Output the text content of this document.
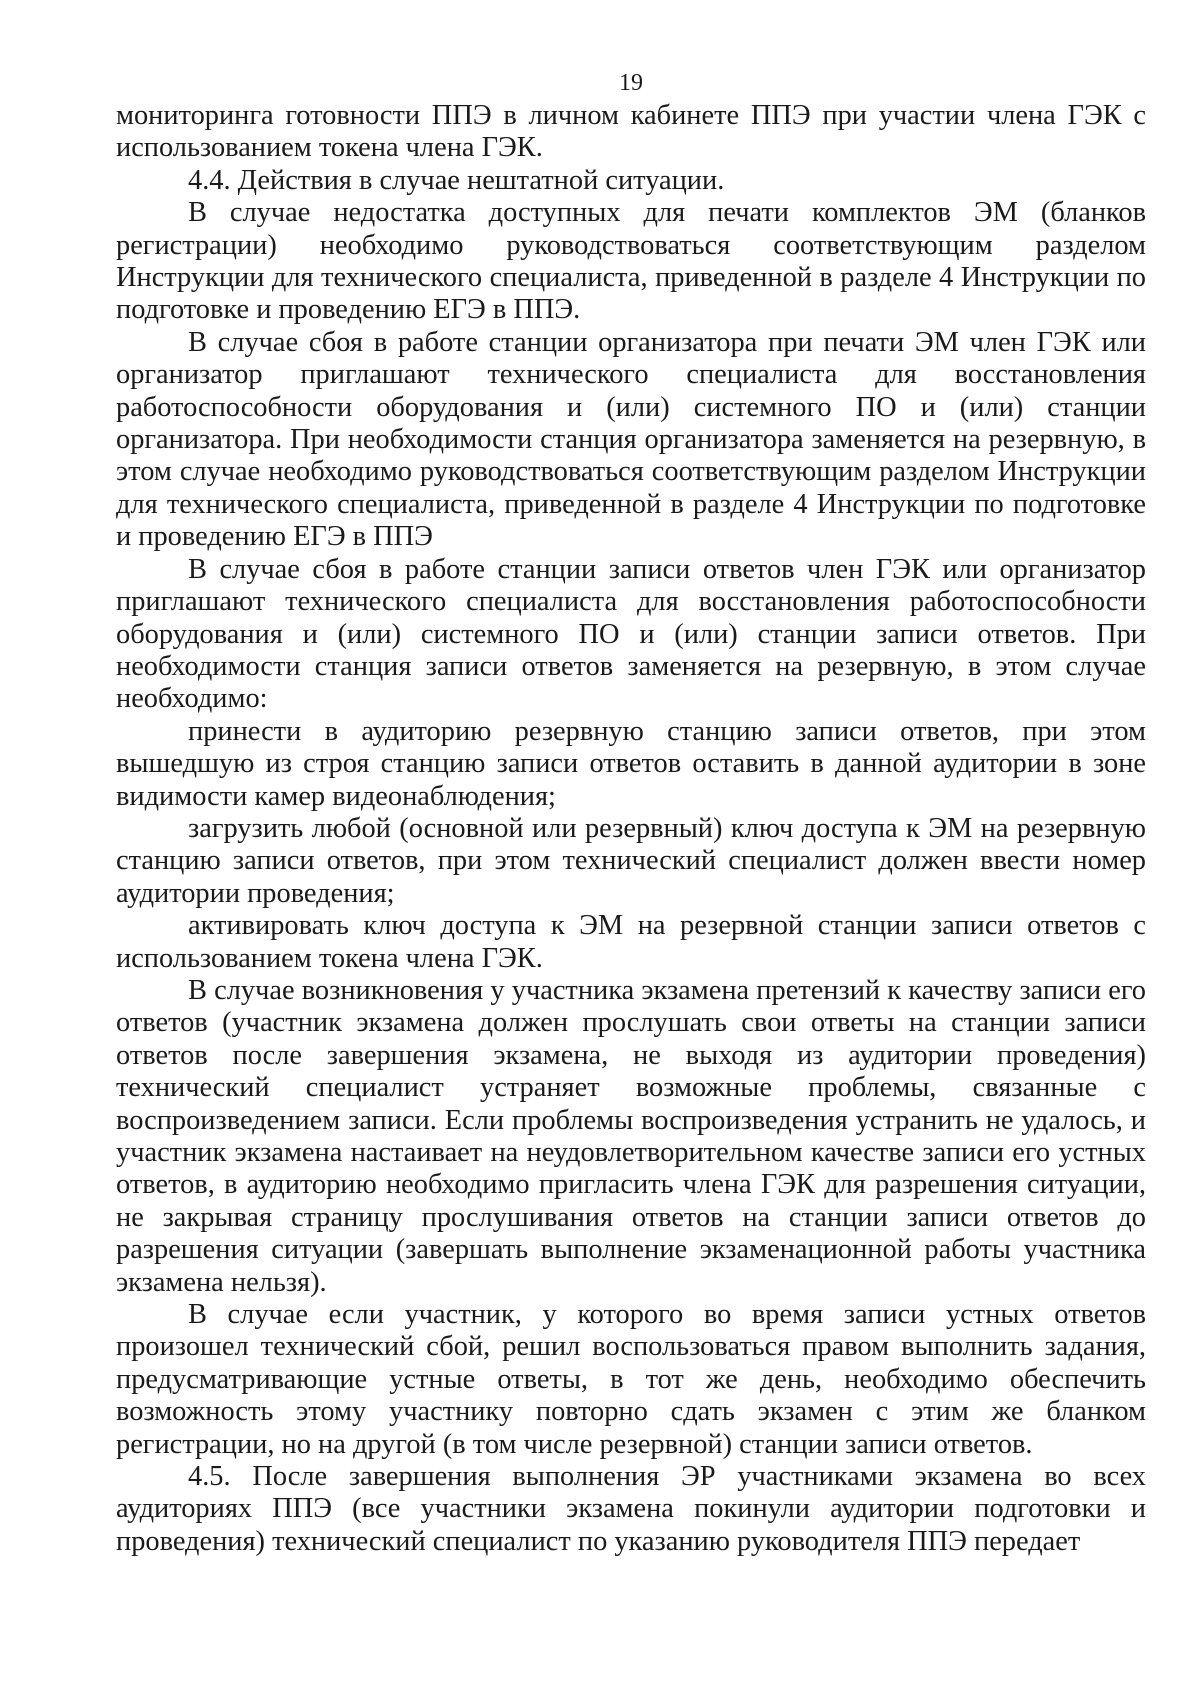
19

мониторинга готовности ППЭ в личном кабинете ППЭ при участии члена ГЭК с использованием токена члена ГЭК.

4.4. Действия в случае нештатной ситуации.

В случае недостатка доступных для печати комплектов ЭМ (бланков регистрации) необходимо руководствоваться соответствующим разделом Инструкции для технического специалиста, приведенной в разделе 4 Инструкции по подготовке и проведению ЕГЭ в ППЭ.

В случае сбоя в работе станции организатора при печати ЭМ член ГЭК или организатор приглашают технического специалиста для восстановления работоспособности оборудования и (или) системного ПО и (или) станции организатора. При необходимости станция организатора заменяется на резервную, в этом случае необходимо руководствоваться соответствующим разделом Инструкции для технического специалиста, приведенной в разделе 4 Инструкции по подготовке и проведению ЕГЭ в ППЭ

В случае сбоя в работе станции записи ответов член ГЭК или организатор приглашают технического специалиста для восстановления работоспособности оборудования и (или) системного ПО и (или) станции записи ответов. При необходимости станция записи ответов заменяется на резервную, в этом случае необходимо:

принести в аудиторию резервную станцию записи ответов, при этом вышедшую из строя станцию записи ответов оставить в данной аудитории в зоне видимости камер видеонаблюдения;

загрузить любой (основной или резервный) ключ доступа к ЭМ на резервную станцию записи ответов, при этом технический специалист должен ввести номер аудитории проведения;

активировать ключ доступа к ЭМ на резервной станции записи ответов с использованием токена члена ГЭК.

В случае возникновения у участника экзамена претензий к качеству записи его ответов (участник экзамена должен прослушать свои ответы на станции записи ответов после завершения экзамена, не выходя из аудитории проведения) технический специалист устраняет возможные проблемы, связанные с воспроизведением записи. Если проблемы воспроизведения устранить не удалось, и участник экзамена настаивает на неудовлетворительном качестве записи его устных ответов, в аудиторию необходимо пригласить члена ГЭК для разрешения ситуации, не закрывая страницу прослушивания ответов на станции записи ответов до разрешения ситуации (завершать выполнение экзаменационной работы участника экзамена нельзя).

В случае если участник, у которого во время записи устных ответов произошел технический сбой, решил воспользоваться правом выполнить задания, предусматривающие устные ответы, в тот же день, необходимо обеспечить возможность этому участнику повторно сдать экзамен с этим же бланком регистрации, но на другой (в том числе резервной) станции записи ответов.

4.5. После завершения выполнения ЭР участниками экзамена во всех аудиториях ППЭ (все участники экзамена покинули аудитории подготовки и проведения) технический специалист по указанию руководителя ППЭ передает
